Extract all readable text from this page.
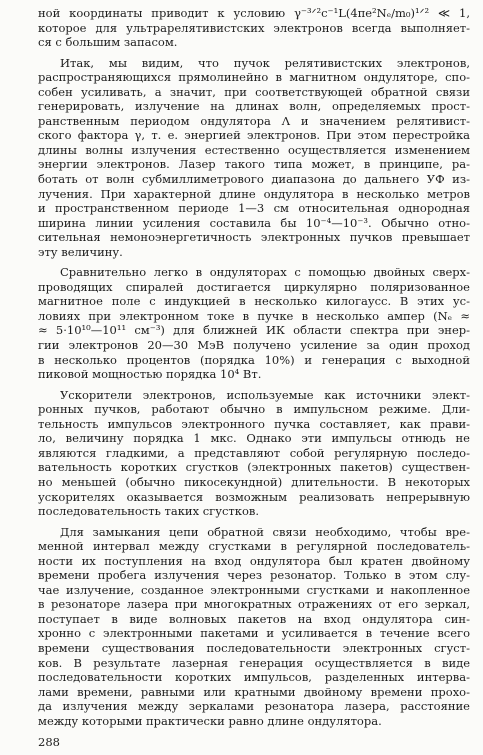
ной координаты приводит к условию γ⁻³ᐟ²c⁻¹L(4πe²Nₑ/m₀)¹ᐟ² ≪ 1,
которое для ультрарелятивистских электронов всегда выполняет-
ся с большим запасом.
Итак, мы видим, что пучок релятивистских электронов,
распространяющихся прямолинейно в магнитном ондуляторе, спо-
собен усиливать, а значит, при соответствующей обратной связи
генерировать, излучение на длинах волн, определяемых прост-
ранственным периодом ондулятора Λ и значением релятивист-
ского фактора γ, т. е. энергией электронов. При этом перестройка
длины волны излучения естественно осуществляется изменением
энергии электронов. Лазер такого типа может, в принципе, ра-
ботать от волн субмиллиметрового диапазона до дальнего УФ из-
лучения. При характерной длине ондулятора в несколько метров
и пространственном периоде 1—3 см относительная однородная
ширина линии усиления составила бы 10⁻⁴—10⁻³. Обычно отно-
сительная немоноэнергетичность электронных пучков превышает
эту величину.
Сравнительно легко в ондуляторах с помощью двойных сверх-
проводящих спиралей достигается циркулярно поляризованное
магнитное поле с индукцией в несколько килогаусс. В этих ус-
ловиях при электронном токе в пучке в несколько ампер (Nₑ ≈
≈ 5·10¹⁰—10¹¹ см⁻³) для ближней ИК области спектра при энер-
гии электронов 20—30 МэВ получено усиление за один проход
в несколько процентов (порядка 10%) и генерация с выходной
пиковой мощностью порядка 10⁴ Вт.
Ускорители электронов, используемые как источники элект-
ронных пучков, работают обычно в импульсном режиме. Дли-
тельность импульсов электронного пучка составляет, как прави-
ло, величину порядка 1 мкс. Однако эти импульсы отнюдь не
являются гладкими, а представляют собой регулярную последо-
вательность коротких сгустков (электронных пакетов) существен-
но меньшей (обычно пикосекундной) длительности. В некоторых
ускорителях оказывается возможным реализовать непрерывную
последовательность таких сгустков.
Для замыкания цепи обратной связи необходимо, чтобы вре-
менной интервал между сгустками в регулярной последователь-
ности их поступления на вход ондулятора был кратен двойному
времени пробега излучения через резонатор. Только в этом слу-
чае излучение, созданное электронными сгустками и накопленное
в резонаторе лазера при многократных отражениях от его зеркал,
поступает в виде волновых пакетов на вход ондулятора син-
хронно с электронными пакетами и усиливается в течение всего
времени существования последовательности электронных сгуст-
ков. В результате лазерная генерация осуществляется в виде
последовательности коротких импульсов, разделенных интерва-
лами времени, равными или кратными двойному времени прохо-
да излучения между зеркалами резонатора лазера, расстояние
между которыми практически равно длине ондулятора.
288
